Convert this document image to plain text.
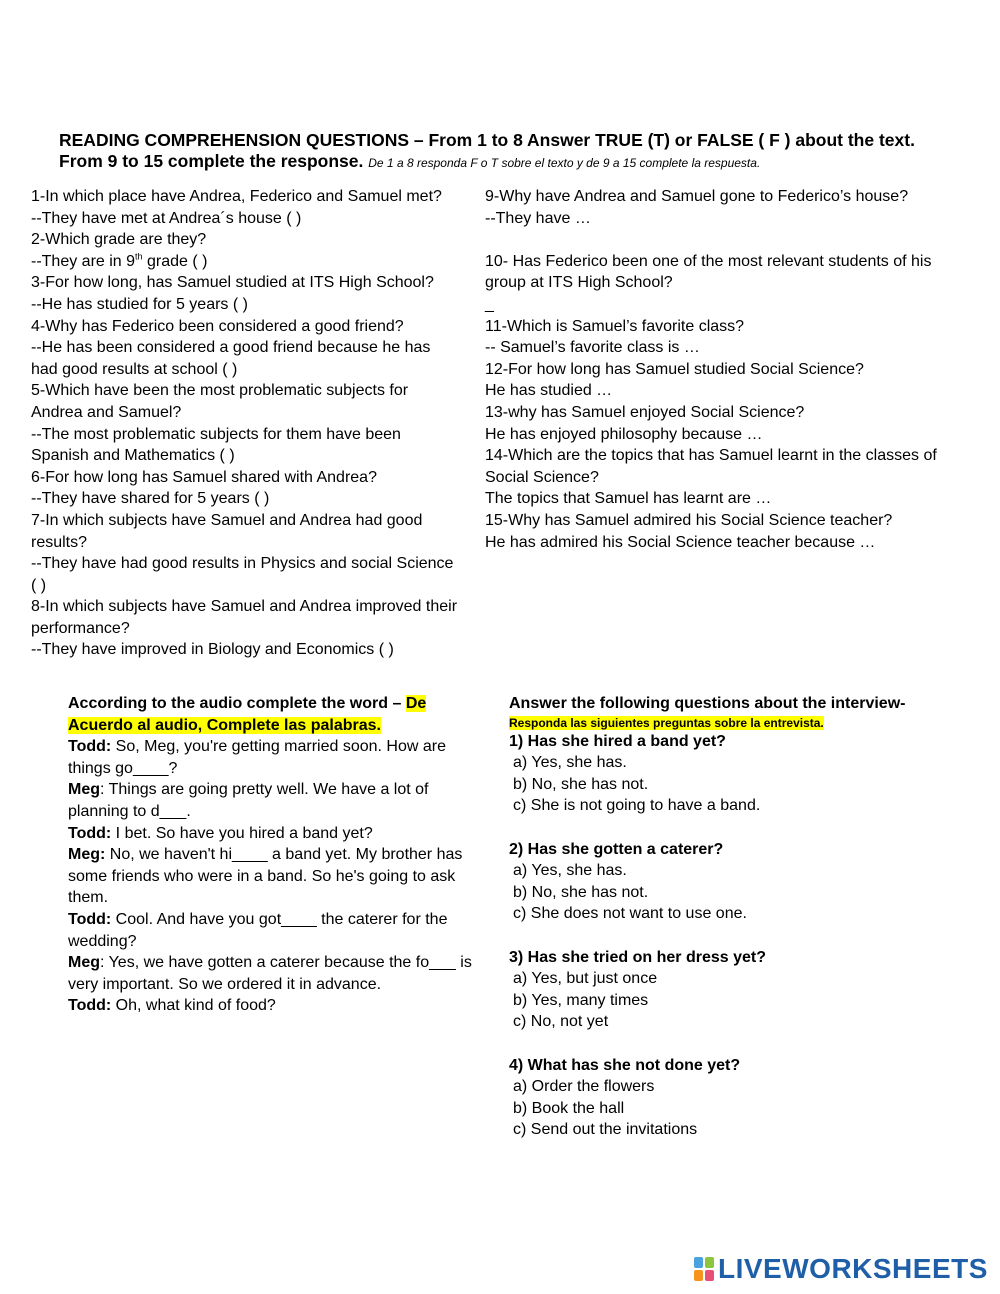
READING COMPREHENSION QUESTIONS – From 1 to 8 Answer TRUE (T) or FALSE ( F ) about the text.
From 9 to 15 complete the response. De 1 a 8 responda F o T sobre el texto y de 9 a 15 complete la respuesta.
1-In which place have Andrea, Federico and Samuel met?
--They have met at Andrea´s house ( )
2-Which grade are they?
--They are in 9th grade ( )
3-For how long, has Samuel studied at ITS High School?
--He has studied for 5 years ( )
4-Why has Federico been considered a good friend?
--He has been considered a good friend because he has
had good results at school ( )
5-Which have been the most problematic subjects for
Andrea and Samuel?
--The most problematic subjects for them have been
Spanish and Mathematics ( )
6-For how long has Samuel shared with Andrea?
--They have shared for 5 years ( )
7-In which subjects have Samuel and Andrea had good
results?
--They have had good results in Physics and social Science
( )
8-In which subjects have Samuel and Andrea improved their
performance?
--They have improved in Biology and Economics ( )
9-Why have Andrea and Samuel gone to Federico’s house?
--They have …
10- Has Federico been one of the most relevant students of his
group at ITS High School?
_
11-Which is Samuel’s favorite class?
-- Samuel’s favorite class is …
12-For how long has Samuel studied Social Science?
He has studied …
13-why has Samuel enjoyed Social Science?
He has enjoyed philosophy because …
14-Which are the topics that has Samuel learnt in the classes of
Social Science?
The topics that Samuel has learnt are …
15-Why has Samuel admired his Social Science teacher?
He has admired his Social Science teacher because …
According to the audio complete the word – De
Acuerdo al audio, Complete las palabras.
Todd: So, Meg, you're getting married soon. How are
things go____?
Meg: Things are going pretty well. We have a lot of
planning to d___.
Todd: I bet. So have you hired a band yet?
Meg: No, we haven't hi____ a band yet. My brother has
some friends who were in a band. So he's going to ask
them.
Todd: Cool. And have you got____ the caterer for the
wedding?
Meg: Yes, we have gotten a caterer because the fo___ is
very important. So we ordered it in advance.
Todd: Oh, what kind of food?
Answer the following questions about the interview-
Responda las siguientes preguntas sobre la entrevista.
1) Has she hired a band yet?
a) Yes, she has.
b) No, she has not.
c) She is not going to have a band.
2) Has she gotten a caterer?
a) Yes, she has.
b) No, she has not.
c) She does not want to use one.
3) Has she tried on her dress yet?
a) Yes, but just once
b) Yes, many times
c) No, not yet
4) What has she not done yet?
a) Order the flowers
b) Book the hall
c) Send out the invitations
LIVEWORKSHEETS
